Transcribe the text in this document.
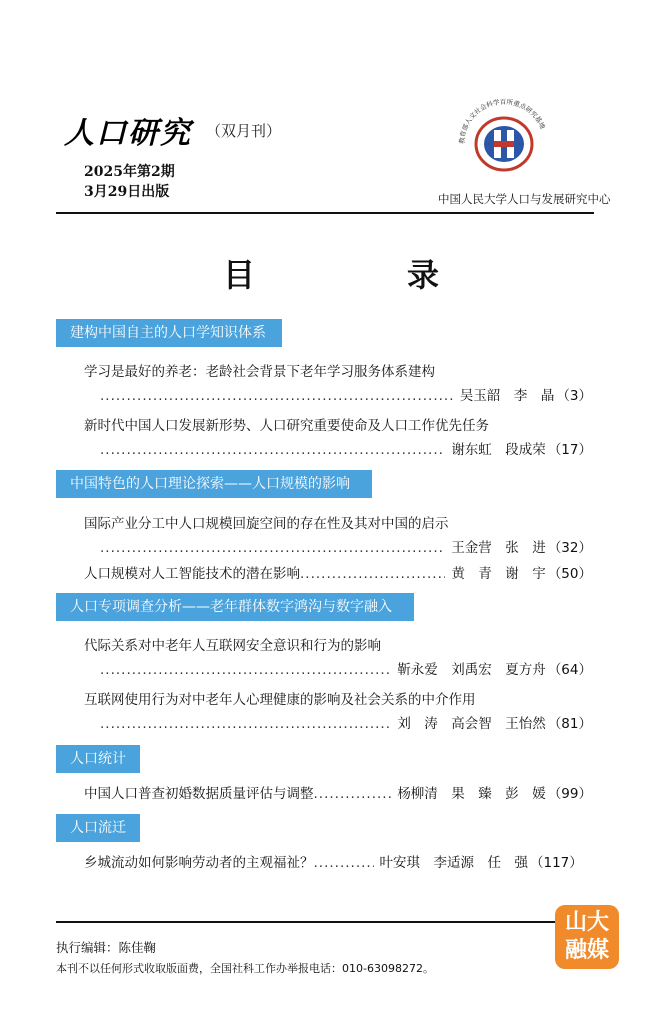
人口研究 （双月刊）
2025年第2期
3月29日出版
教育部人文社会科学百所重点研究基地
中国人民大学人口与发展研究中心
目　录
建构中国自主的人口学知识体系
学习是最好的养老：老龄社会背景下老年学习服务体系建构
.....
吴玉韶　李　晶 （3）
新时代中国人口发展新形势、人口研究重要使命及人口工作优先任务
.....
谢东虹　段成荣 （17）
中国特色的人口理论探索——人口规模的影响
国际产业分工中人口规模回旋空间的存在性及其对中国的启示
.....
王金营　张　进 （32）
人口规模对人工智能技术的潜在影响 .....	黄　青　谢　宇 （50）
人口专项调查分析——老年群体数字鸿沟与数字融入
代际关系对中老年人互联网安全意识和行为的影响
.....
靳永爱　刘禹宏　夏方舟 （64）
互联网使用行为对中老年人心理健康的影响及社会关系的中介作用
.....
刘　涛　高会智　王怡然 （81）
人口统计
中国人口普查初婚数据质量评估与调整 .....	杨柳清　果　臻　彭　媛 （99）
人口流迁
乡城流动如何影响劳动者的主观福祉？ .....	叶安琪　李适源　任　强 （117）
执行编辑：陈佳鞠
本刊不以任何形式收取版面费，全国社科工作办举报电话：010-63098272。
山大融媒
